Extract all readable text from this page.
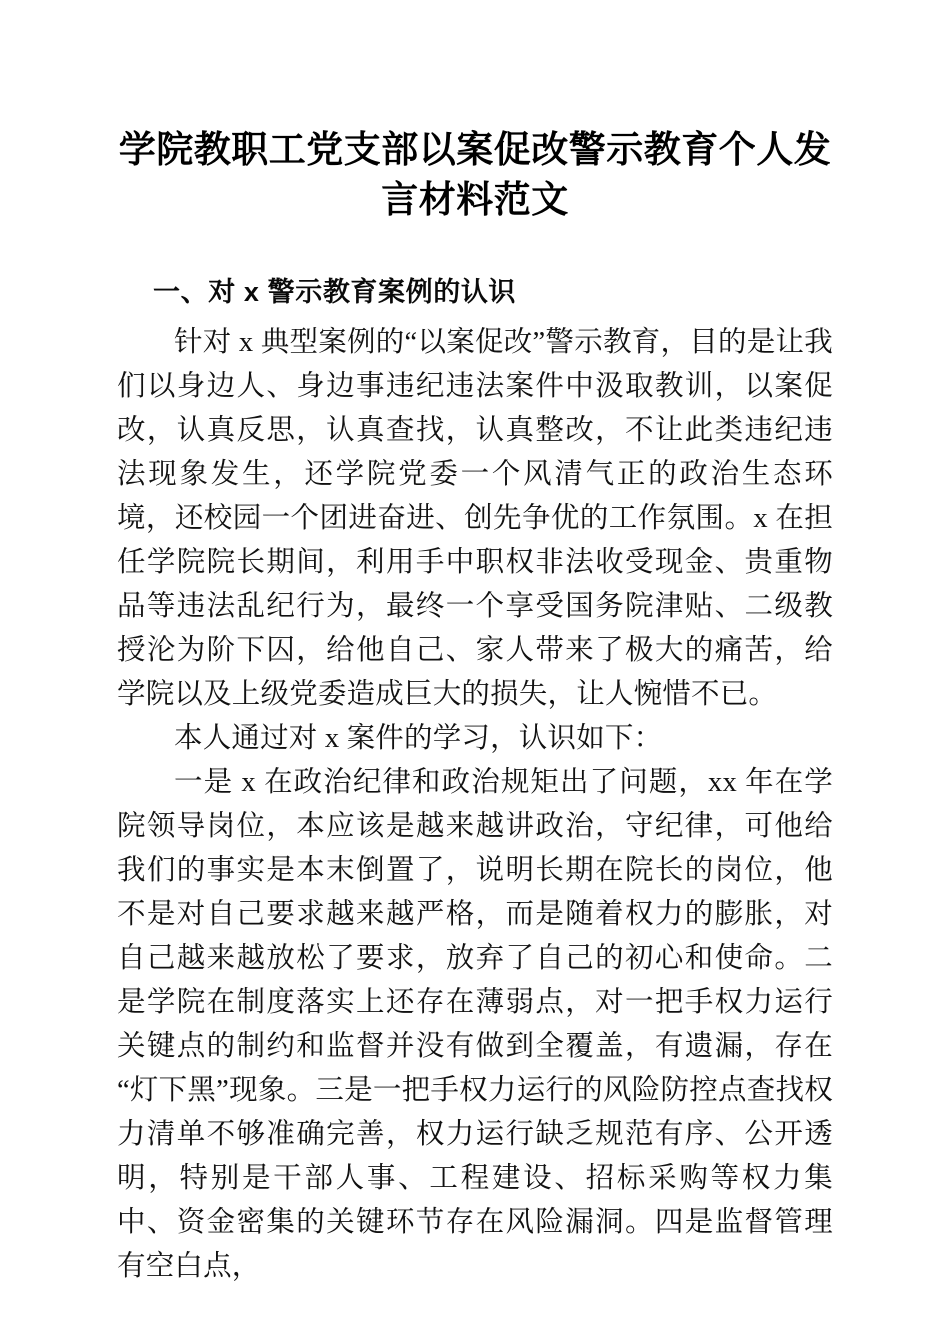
学院教职工党支部以案促改警示教育个人发言材料范文
一、对 x 警示教育案例的认识

针对 x 典型案例的“以案促改”警示教育，目的是让我们以身边人、身边事违纪违法案件中汲取教训，以案促改，认真反思，认真查找，认真整改，不让此类违纪违法现象发生，还学院党委一个风清气正的政治生态环境，还校园一个团进奋进、创先争优的工作氛围。x 在担任学院院长期间，利用手中职权非法收受现金、贵重物品等违法乱纪行为，最终一个享受国务院津贴、二级教授沦为阶下囚，给他自己、家人带来了极大的痛苦，给学院以及上级党委造成巨大的损失，让人惋惜不已。

本人通过对 x 案件的学习，认识如下：

一是 x 在政治纪律和政治规矩出了问题，xx 年在学院领导岗位，本应该是越来越讲政治，守纪律，可他给我们的事实是本末倒置了，说明长期在院长的岗位，他不是对自己要求越来越严格，而是随着权力的膨胀，对自己越来越放松了要求，放弃了自己的初心和使命。二是学院在制度落实上还存在薄弱点，对一把手权力运行关键点的制约和监督并没有做到全覆盖，有遗漏，存在“灯下黑”现象。三是一把手权力运行的风险防控点查找权力清单不够准确完善，权力运行缺乏规范有序、公开透明，特别是干部人事、工程建设、招标采购等权力集中、资金密集的关键环节存在风险漏洞。四是监督管理有空白点，
